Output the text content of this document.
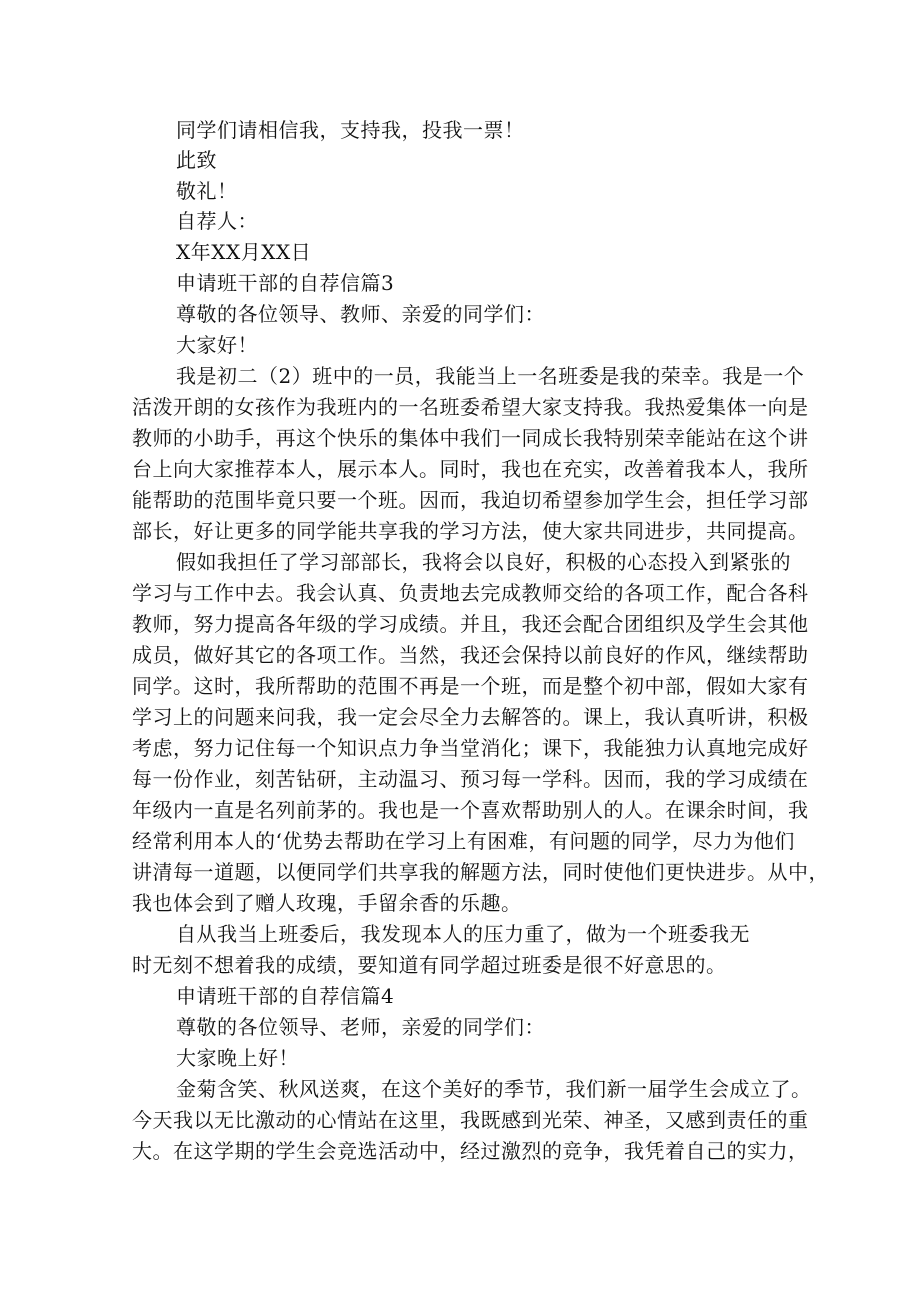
同学们请相信我，支持我，投我一票！
此致
敬礼！
自荐人：
X年XX月XX日
申请班干部的自荐信篇3
尊敬的各位领导、教师、亲爱的同学们：
大家好！
我是初二（2）班中的一员，我能当上一名班委是我的荣幸。我是一个
活泼开朗的女孩作为我班内的一名班委希望大家支持我。我热爱集体一向是
教师的小助手，再这个快乐的集体中我们一同成长我特别荣幸能站在这个讲
台上向大家推荐本人，展示本人。同时，我也在充实，改善着我本人，我所
能帮助的范围毕竟只要一个班。因而，我迫切希望参加学生会，担任学习部
部长，好让更多的同学能共享我的学习方法，使大家共同进步，共同提高。
假如我担任了学习部部长，我将会以良好，积极的心态投入到紧张的
学习与工作中去。我会认真、负责地去完成教师交给的各项工作，配合各科
教师，努力提高各年级的学习成绩。并且，我还会配合团组织及学生会其他
成员，做好其它的各项工作。当然，我还会保持以前良好的作风，继续帮助
同学。这时，我所帮助的范围不再是一个班，而是整个初中部，假如大家有
学习上的问题来问我，我一定会尽全力去解答的。课上，我认真听讲，积极
考虑，努力记住每一个知识点力争当堂消化；课下，我能独力认真地完成好
每一份作业，刻苦钻研，主动温习、预习每一学科。因而，我的学习成绩在
年级内一直是名列前茅的。我也是一个喜欢帮助别人的人。在课余时间，我
经常利用本人的‘优势去帮助在学习上有困难，有问题的同学，尽力为他们
讲清每一道题，以便同学们共享我的解题方法，同时使他们更快进步。从中，
我也体会到了赠人玫瑰，手留余香的乐趣。
自从我当上班委后，我发现本人的压力重了，做为一个班委我无
时无刻不想着我的成绩，要知道有同学超过班委是很不好意思的。
申请班干部的自荐信篇4
尊敬的各位领导、老师，亲爱的同学们：
大家晚上好！
金菊含笑、秋风送爽，在这个美好的季节，我们新一届学生会成立了。
今天我以无比激动的心情站在这里，我既感到光荣、神圣，又感到责任的重
大。在这学期的学生会竞选活动中，经过激烈的竞争，我凭着自己的实力，
